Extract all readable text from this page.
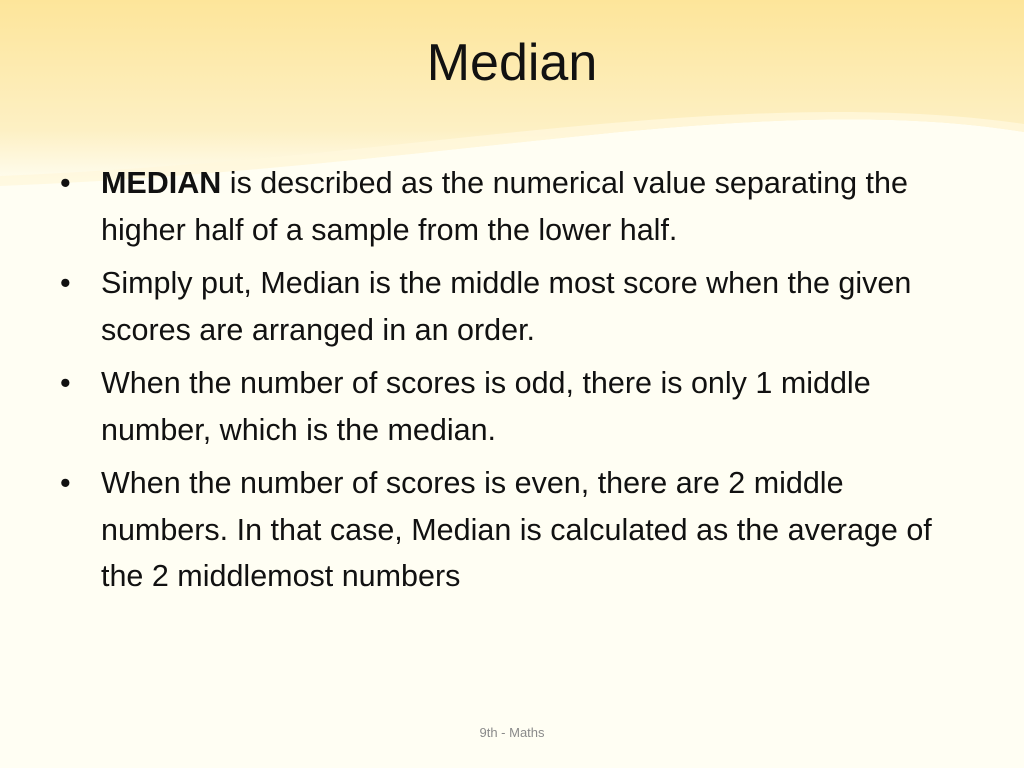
Median
• MEDIAN is described as the numerical value separating the higher half of a sample from the lower half.
• Simply put, Median is the middle most score when the given scores are arranged in an order.
• When the number of scores is odd, there is only 1 middle number, which is the median.
• When the number of scores is even, there are 2 middle numbers. In that case, Median is calculated as the average of the 2 middlemost numbers
9th - Maths
